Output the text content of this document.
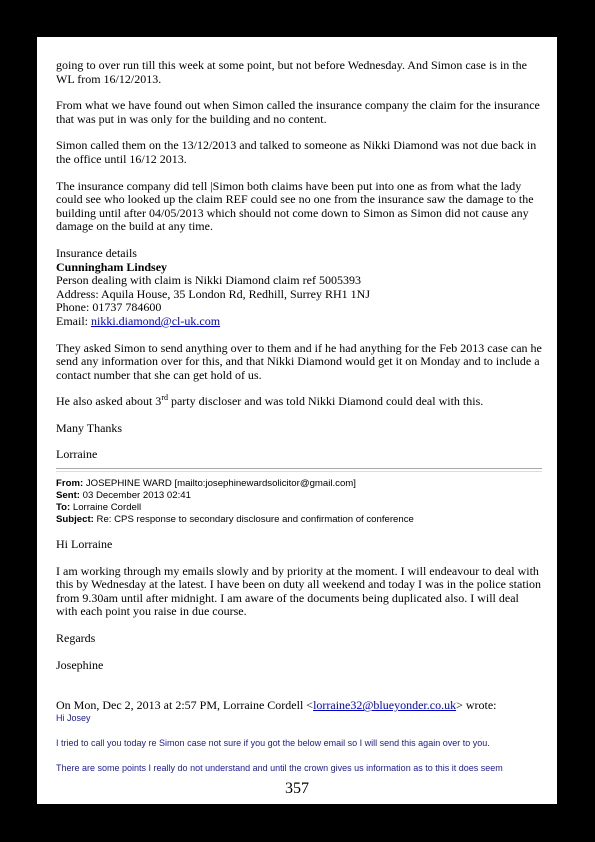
going to over run till this week at some point, but not before Wednesday. And Simon case is in the WL from 16/12/2013.

From what we have found out when Simon called the insurance company the claim for the insurance that was put in was only for the building and no content.

Simon called them on the 13/12/2013 and talked to someone as Nikki Diamond was not due back in the office until 16/12 2013.

The insurance company did tell |Simon both claims have been put into one as from what the lady could see who looked up the claim REF could see no one from the insurance saw the damage to the building until after 04/05/2013 which should not come down to Simon as Simon did not cause any damage on the build at any time.

Insurance details

Cunningham Lindsey

Person dealing with claim is Nikki Diamond claim ref 5005393

Address: Aquila House, 35 London Rd, Redhill, Surrey RH1 1NJ

Phone: 01737 784600

Email: nikki.diamond@cl-uk.com

They asked Simon to send anything over to them and if he had anything for the Feb 2013 case can he send any information over for this, and that Nikki Diamond would get it on Monday and to include a contact number that she can get hold of us.

He also asked about 3rd party discloser and was told Nikki Diamond could deal with this.

Many Thanks

Lorraine

From: JOSEPHINE WARD [mailto:josephinewardsolicitor@gmail.com]
Sent: 03 December 2013 02:41
To: Lorraine Cordell
Subject: Re: CPS response to secondary disclosure and confirmation of conference

Hi Lorraine

I am working through my emails slowly and by priority at the moment. I will endeavour to deal with this by Wednesday at the latest. I have been on duty all weekend and today I was in the police station from 9.30am until after midnight. I am aware of the documents being duplicated also. I will deal with each point you raise in due course.

Regards

Josephine

On Mon, Dec 2, 2013 at 2:57 PM, Lorraine Cordell <lorraine32@blueyonder.co.uk> wrote:
Hi Josey
I tried to call you today re Simon case not sure if you got the below email so I will send this again over to you.
There are some points I really do not understand and until the crown gives us information as to this it does seem
357
